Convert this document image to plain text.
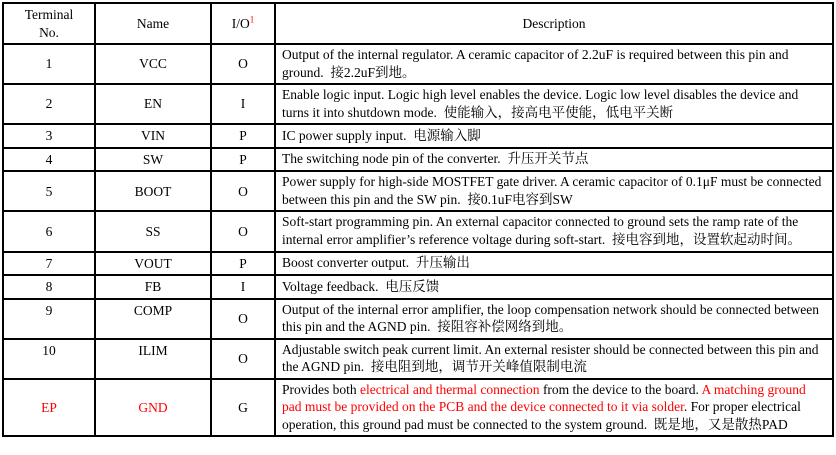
Terminal
No.	Name	I/O$^1$	Description
1	VCC	O	Output of the internal regulator. A ceramic capacitor of 2.2uF is required between this pin and ground.  接2.2uF到地。
2	EN	I	Enable logic input. Logic high level enables the device. Logic low level disables the device and turns it into shutdown mode.  使能输入，接高电平使能，低电平关断
3	VIN	P	IC power supply input.  电源输入脚
4	SW	P	The switching node pin of the converter.  升压开关节点
5	BOOT	O	Power supply for high-side MOSTFET gate driver. A ceramic capacitor of 0.1μF must be connected between this pin and the SW pin.  接0.1uF电容到SW
6	SS	O	Soft-start programming pin. An external capacitor connected to ground sets the ramp rate of the internal error amplifier’s reference voltage during soft-start.  接电容到地，设置软起动时间。
7	VOUT	P	Boost converter output.  升压输出
8	FB	I	Voltage feedback.  电压反馈
9	COMP	O	Output of the internal error amplifier, the loop compensation network should be connected between this pin and the AGND pin.  接阻容补偿网络到地。
10	ILIM	O	Adjustable switch peak current limit. An external resister should be connected between this pin and the AGND pin.  接电阻到地，调节开关峰值限制电流
EP	GND	G	Provides both electrical and thermal connection from the device to the board. A matching ground pad must be provided on the PCB and the device connected to it via solder. For proper electrical operation, this ground pad must be connected to the system ground.  既是地，又是散热PAD
